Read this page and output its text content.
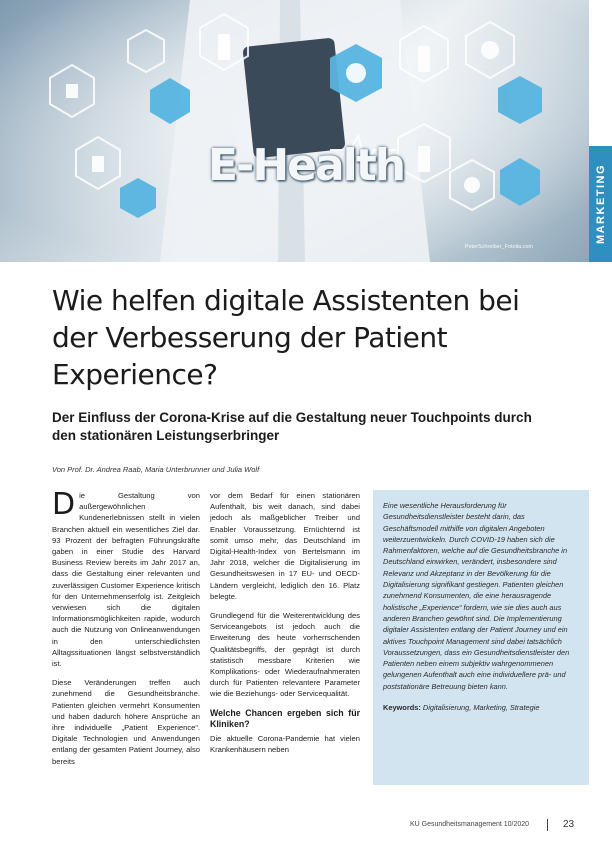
E-Health
PeterSchreiber_Fotolia.com
MARKETING
Wie helfen digitale Assistenten bei der Verbesserung der Patient Experience?
Der Einfluss der Corona-Krise auf die Gestaltung neuer Touchpoints durch den stationären Leistungserbringer
Von Prof. Dr. Andrea Raab, Maria Unterbrunner und Julia Wolf

Die Gestaltung von außergewöhnlichen Kundenerlebnissen stellt in vielen Branchen aktuell ein wesentliches Ziel dar. 93 Prozent der befragten Führungskräfte gaben in einer Studie des Harvard Business Review bereits im Jahr 2017 an, dass die Gestaltung einer relevanten und zuverlässigen Customer Experience kritisch für den Unternehmenserfolg ist. Zeitgleich verwiesen sich die digitalen Informationsmöglichkeiten rapide, wodurch auch die Nutzung von Onlineanwendungen in den unterschiedlichsten Alltagssituationen längst selbstverständlich ist.

Diese Veränderungen treffen auch zunehmend die Gesundheitsbranche. Patienten gleichen vermehrt Konsumenten und haben dadurch höhere Ansprüche an ihre individuelle „Patient Experience“. Digitale Technologien und Anwendungen entlang der gesamten Patient Journey, also bereits

vor dem Bedarf für einen stationären Aufenthalt, bis weit danach, sind dabei jedoch als maßgeblicher Treiber und Enabler Voraussetzung. Ernüchternd ist somit umso mehr, das Deutschland im Digital-Health-Index von Bertelsmann im Jahr 2018, welcher die Digitalisierung im Gesundheitswesen in 17 EU- und OECD-Ländern vergleicht, lediglich den 16. Platz belegte.

Grundlegend für die Weiterentwicklung des Serviceangebots ist jedoch auch die Erweiterung des heute vorherrschenden Qualitätsbegriffs, der geprägt ist durch statistisch messbare Kriterien wie Komplikations- oder Wiederaufnahmeraten durch für Patienten relevantere Parameter wie die Beziehungs- oder Servicequalität.

Welche Chancen ergeben sich für Kliniken?

Die aktuelle Corona-Pandemie hat vielen Krankenhäusern neben

Eine wesentliche Herausforderung für Gesundheitsdienstleister besteht darin, das Geschäftsmodell mithilfe von digitalen Angeboten weiterzuentwickeln. Durch COVID-19 haben sich die Rahmenfaktoren, welche auf die Gesundheitsbranche in Deutschland einwirken, verändert, insbesondere sind Relevanz und Akzeptanz in der Bevölkerung für die Digitalisierung signifikant gestiegen. Patienten gleichen zunehmend Konsumenten, die eine herausragende holistische „Experience“ fordern, wie sie dies auch aus anderen Branchen gewöhnt sind. Die Implementierung digitaler Assistenten entlang der Patient Journey und ein aktives Touchpoint Management sind dabei tatsächlich Voraussetzungen, dass ein Gesundheitsdienstleister den Patienten neben einem subjektiv wahrgenommenen gelungenen Aufenthalt auch eine individuellere prä- und poststationäre Betreuung bieten kann.

Keywords: Digitalisierung, Marketing, Strategie
KU Gesundheitsmanagement 10/2020	23
